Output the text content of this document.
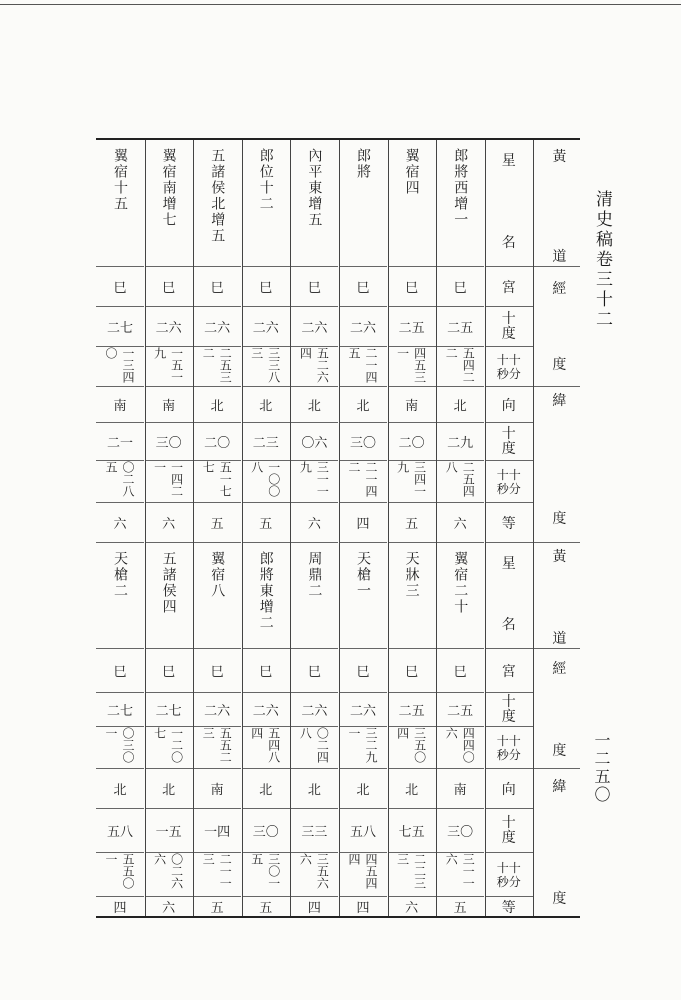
清史稿卷三十二
一二五〇
郎將西增一
巳
二五
五四二二
北
二九
二五四八
六
翼宿四
巳
二五
四五三一
南
二〇
三四一九
五
郎將
巳
二六
二一四五
北
三〇
二一四二
四
內平東增五
巳
二六
五二六四
北
〇六
三一一九
六
郎位十二
巳
二六
三三八三
北
二三
一〇〇八
五
五諸侯北增五
巳
二六
二五三二
北
二〇
五一七七
五
翼宿南增七
巳
二六
一五一九
南
三〇
一四二一
六
翼宿十五
巳
二七
一三四〇
南
二一
〇二八五
六
翼宿二十
巳
二五
四四〇六
南
三〇
三一一六
五
天牀三
巳
二五
三五〇四
北
七五
二二三三
六
天槍一
巳
二六
三二九一
北
五八
四五四四
四
周鼎二
巳
二六
〇二四八
北
三三
三五六六
四
郎將東增二
巳
二六
五四八四
北
三〇
三〇一五
五
翼宿八
巳
二六
五五二三
南
一四
二一一三
五
五諸侯四
巳
二七
一二〇七
北
一五
〇二六六
六
天槍二
巳
二七
〇三〇一
北
五八
五五〇一
四
星
名
宮
十度
十十秒分
向
十度
十十秒分
等
星
名
宮
十度
十十秒分
向
十度
十十秒分
等
黃
道
經
度
緯
度
黃
道
經
度
緯
度
